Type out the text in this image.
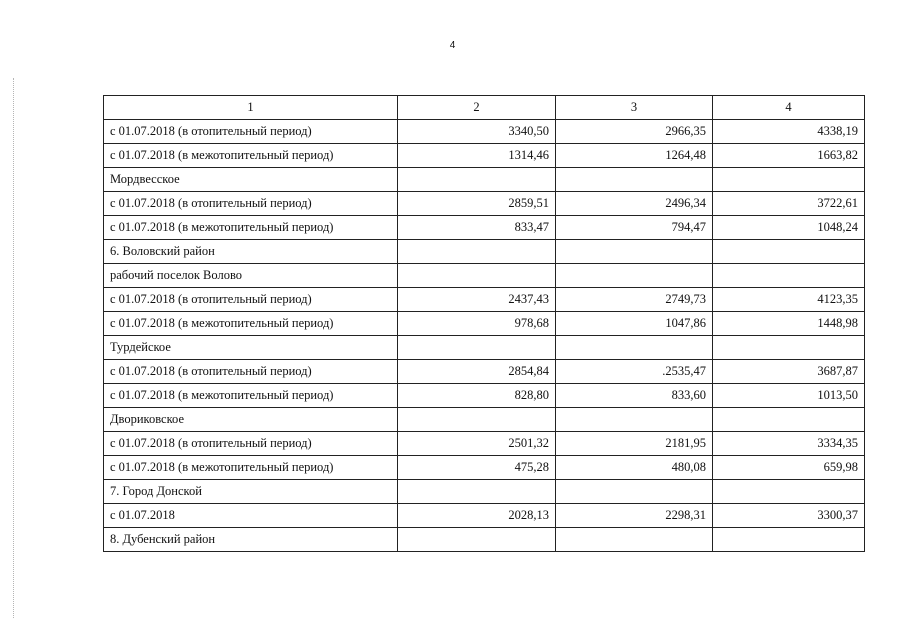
4
1	2	3	4
с 01.07.2018 (в отопительный период)	3340,50	2966,35	4338,19
с 01.07.2018 (в межотопительный период)	1314,46	1264,48	1663,82
Мордвесское			
с 01.07.2018 (в отопительный период)	2859,51	2496,34	3722,61
с 01.07.2018 (в межотопительный период)	833,47	794,47	1048,24
6. Воловский район			
рабочий поселок Волово			
с 01.07.2018 (в отопительный период)	2437,43	2749,73	4123,35
с 01.07.2018 (в межотопительный период)	978,68	1047,86	1448,98
Турдейское			
с 01.07.2018 (в отопительный период)	2854,84	.2535,47	3687,87
с 01.07.2018 (в межотопительный период)	828,80	833,60	1013,50
Двориковское			
с 01.07.2018 (в отопительный период)	2501,32	2181,95	3334,35
с 01.07.2018 (в межотопительный период)	475,28	480,08	659,98
7. Город Донской			
с 01.07.2018	2028,13	2298,31	3300,37
8. Дубенский район			
